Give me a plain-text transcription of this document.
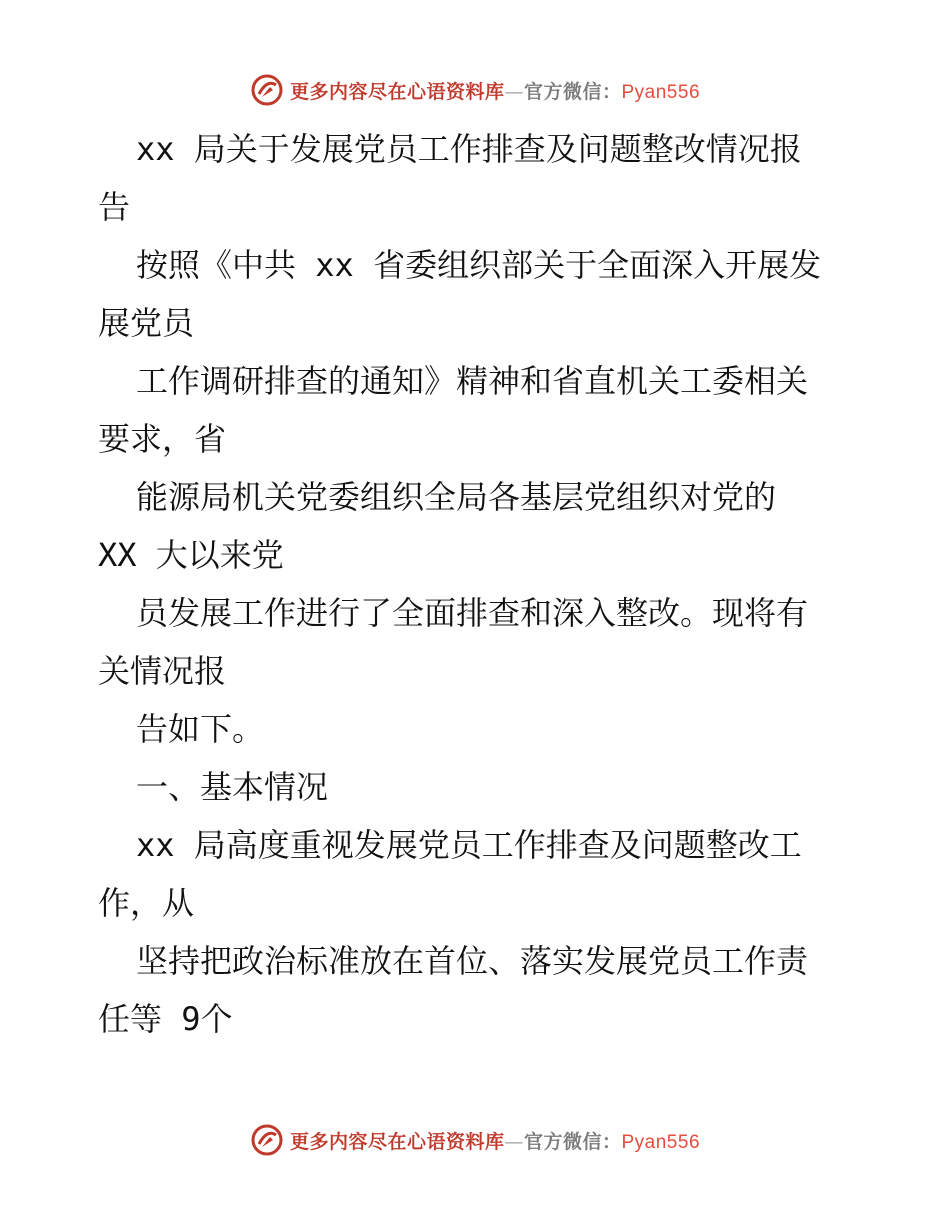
更多内容尽在心语资料库—官方微信：Pyan556
xx 局关于发展党员工作排查及问题整改情况报
告
按照《中共 xx 省委组织部关于全面深入开展发
展党员
工作调研排查的通知》精神和省直机关工委相关
要求，省
能源局机关党委组织全局各基层党组织对党的
XX 大以来党
员发展工作进行了全面排查和深入整改。现将有
关情况报
告如下。
一、基本情况
xx 局高度重视发展党员工作排查及问题整改工
作，从
坚持把政治标准放在首位、落实发展党员工作责
任等 9个
更多内容尽在心语资料库—官方微信：Pyan556
